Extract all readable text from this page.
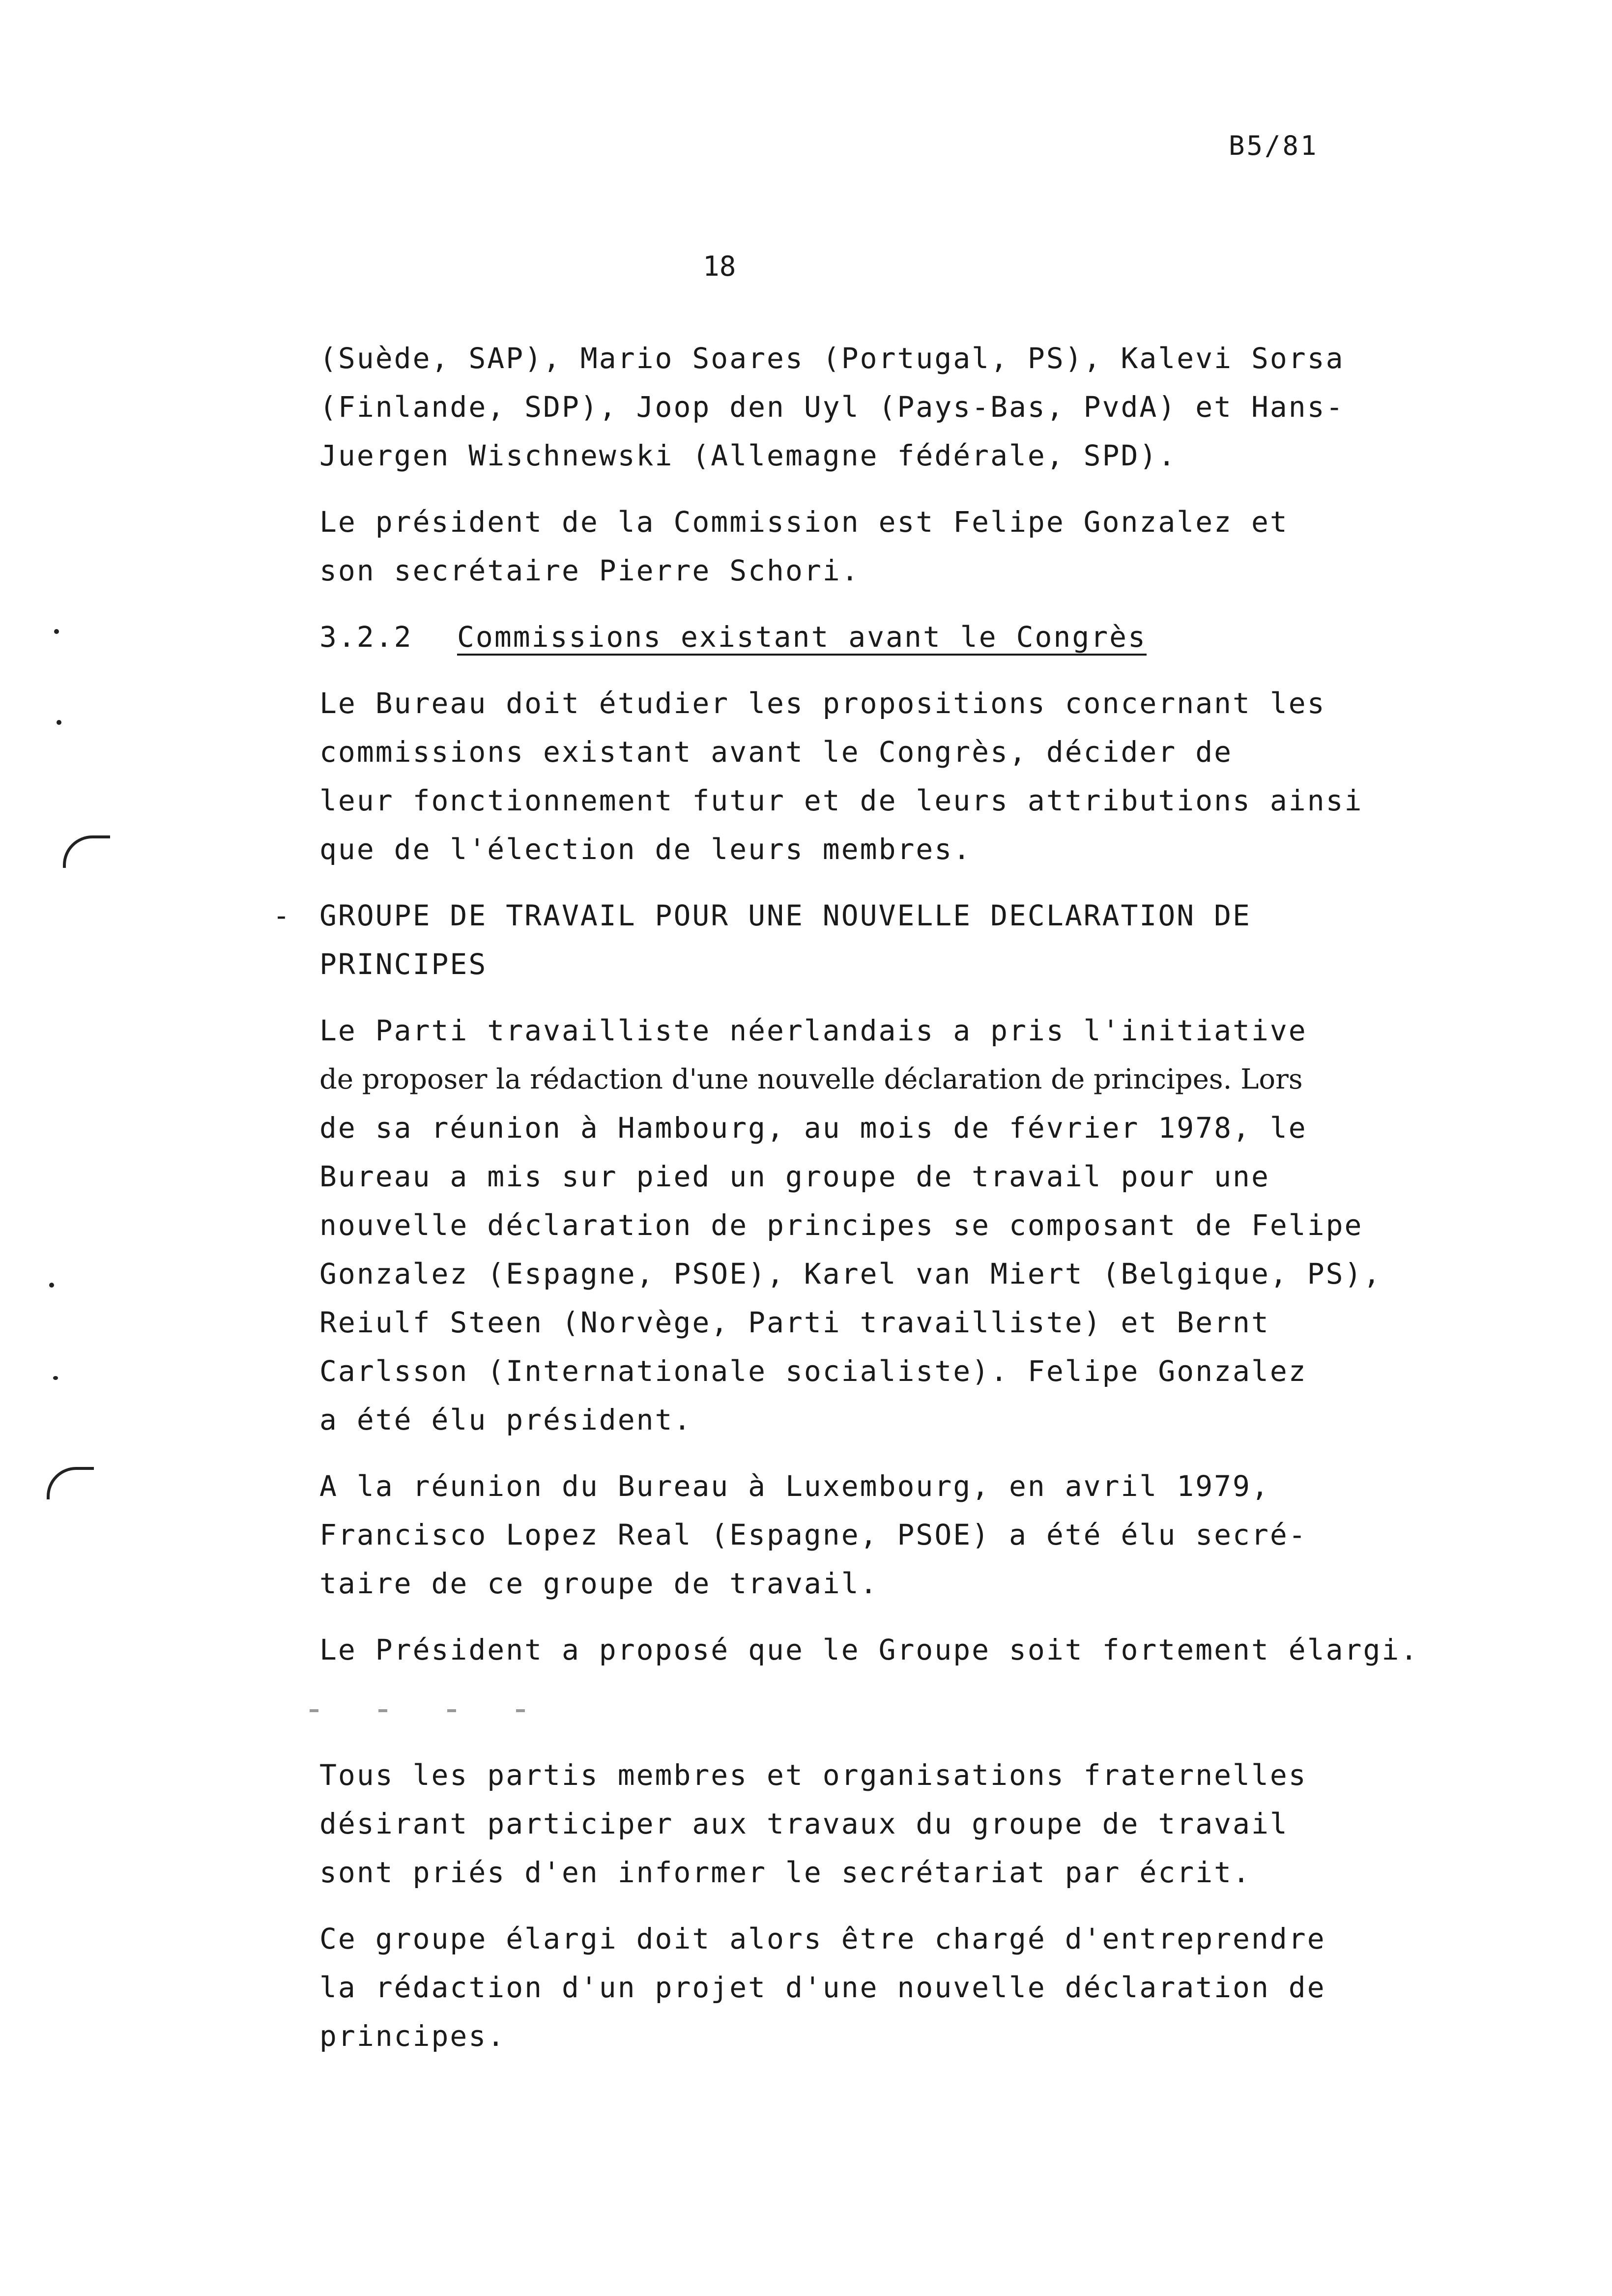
B5/81
18

(Suède, SAP), Mario Soares (Portugal, PS), Kalevi Sorsa
(Finlande, SDP), Joop den Uyl (Pays-Bas, PvdA) et Hans-
Juergen Wischnewski (Allemagne fédérale, SPD).

Le président de la Commission est Felipe Gonzalez et
son secrétaire Pierre Schori.

3.2.2 Commissions existant avant le Congrès

Le Bureau doit étudier les propositions concernant les
commissions existant avant le Congrès, décider de
leur fonctionnement futur et de leurs attributions ainsi
que de l'élection de leurs membres.

- GROUPE DE TRAVAIL POUR UNE NOUVELLE DECLARATION DE
PRINCIPES

Le Parti travailliste néerlandais a pris l'initiative
de proposer la rédaction d'une nouvelle déclaration de principes. Lors
de sa réunion à Hambourg, au mois de février 1978, le
Bureau a mis sur pied un groupe de travail pour une
nouvelle déclaration de principes se composant de Felipe
Gonzalez (Espagne, PSOE), Karel van Miert (Belgique, PS),
Reiulf Steen (Norvège, Parti travailliste) et Bernt
Carlsson (Internationale socialiste). Felipe Gonzalez
a été élu président.

A la réunion du Bureau à Luxembourg, en avril 1979,
Francisco Lopez Real (Espagne, PSOE) a été élu secré-
taire de ce groupe de travail.

Le Président a proposé que le Groupe soit fortement élargi.

Tous les partis membres et organisations fraternelles
désirant participer aux travaux du groupe de travail
sont priés d'en informer le secrétariat par écrit.

Ce groupe élargi doit alors être chargé d'entreprendre
la rédaction d'un projet d'une nouvelle déclaration de
principes.
